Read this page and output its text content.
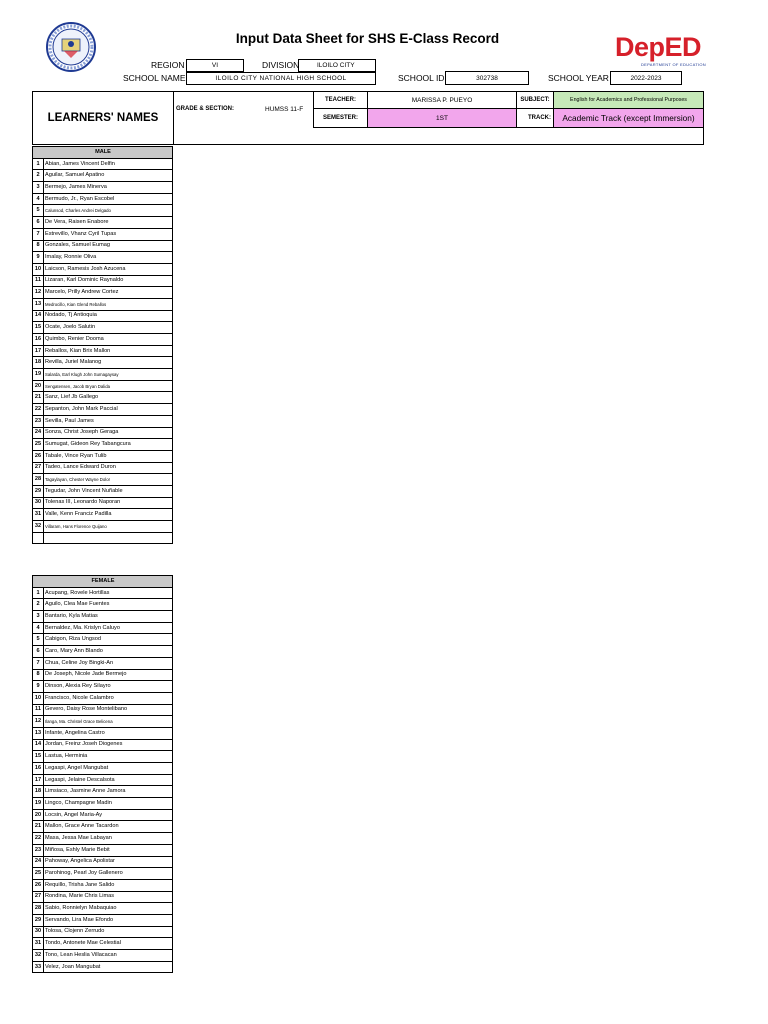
Input Data Sheet for SHS E-Class Record	DepED
DEPARTMENT OF EDUCATION
REGION	VI	DIVISION	ILOILO CITY
SCHOOL NAME	ILOILO CITY NATIONAL HIGH SCHOOL	SCHOOL ID	302738	SCHOOL YEAR	2022-2023
LEARNERS' NAMES
GRADE & SECTION:	HUMSS 11-F
TEACHER:	MARISSA P. PUEYO	SUBJECT:	English for Academics and Professional Purposes
SEMESTER:	1ST	TRACK:	Academic Track (except Immersion)
MALE	
1	Abian, James Vincent Delfin
2	Aguilar, Samuel Apatino
3	Bermejo, James Minerva
4	Bermudo, Jr., Ryan Escobel
5	Calunsod, Charles Andrei Delgado
6	De Vera, Raisen Enabore
7	Estrevillo, Vhanz Cyril Tupas
8	Gonzales, Samuel Eumag
9	Imalay, Ronnie Oliva
10	Laicson, Ramesis Josh Azucena
11	Lizaran, Karl Dominic Raynaldo
12	Marcelo, Prilly Andrew Cortez
13	Medrocillo, Kian Glend Reballos
14	Nodado, Tj Antioquia
15	Ocate, Joelo Salutin
16	Quimbo, Renier Dooma
17	Reballos, Kian Brix Mallon
18	Revilla, Juriel Malanog
19	Salarda, Earl Klugh John Sumagaysay
20	Sengatensen, Jacob Bryan Dalida
21	Sanz, Lief Jb Gallego
22	Sepanton, John Mark Paccial
23	Sevilla, Paul James
24	Sonza, Christ Joseph Geraga
25	Sumugat, Gideon Rey Tabangcura
26	Tabale, Vince Ryan Tulib
27	Tadeo, Lance Edward Duron
28	Tagaylayan, Chester Wayne Dolor
29	Tegudar, John Vincent Nuñable
30	Tolenas III, Leonardo Naporan
31	Valle, Kenn Franciz Padilla
32	Villaram, Hans Florence Quijano

FEMALE	
1	Acupang, Rovele Hortillas
2	Aguilo, Clea Mae Fuentes
3	Bantario, Kyla Matias
4	Bernaldez, Ma. Krislyn Caluyo
5	Cabigon, Riza Ungsod
6	Caro, Mary Ann Blando
7	Chua, Celine Joy Bingki-An
8	De Joseph, Nicole Jade Bermejo
9	Dinson, Alexia Rey Silayro
10	Francisco, Nicole Calambro
11	Gevero, Daisy Rose Montelibano
12	Ilanga, Ma. Christel Grace Belicena
13	Infante, Angelina Castro
14	Jordan, Freinz Joseh Diogenes
15	Lastua, Herminia
16	Legaspi, Angel Mangubat
17	Legaspi, Jelaine Descalsota
18	Limsiaco, Jasmine Anne Jamora
19	Lingco, Champagne Madin
20	Locsin, Angel Maria-Ay
21	Mallon, Grace Anne Tacardon
22	Masa, Jessa Mae Labayan
23	Miñosa, Eshly Marie Bebit
24	Pahoway, Angelica Apolistar
25	Parohinog, Pearl Joy Gallenero
26	Requillo, Trisha Jane Salido
27	Rondina, Marie Chris Limas
28	Sabio, Ronnielyn Mabaquiao
29	Servando, Lira Mae Efondo
30	Tolosa, Clojenn Zerrudo
31	Tondo, Antonete Mae Celestial
32	Tono, Lean Heslia Villacacan
33	Velez, Joan Mangubat
